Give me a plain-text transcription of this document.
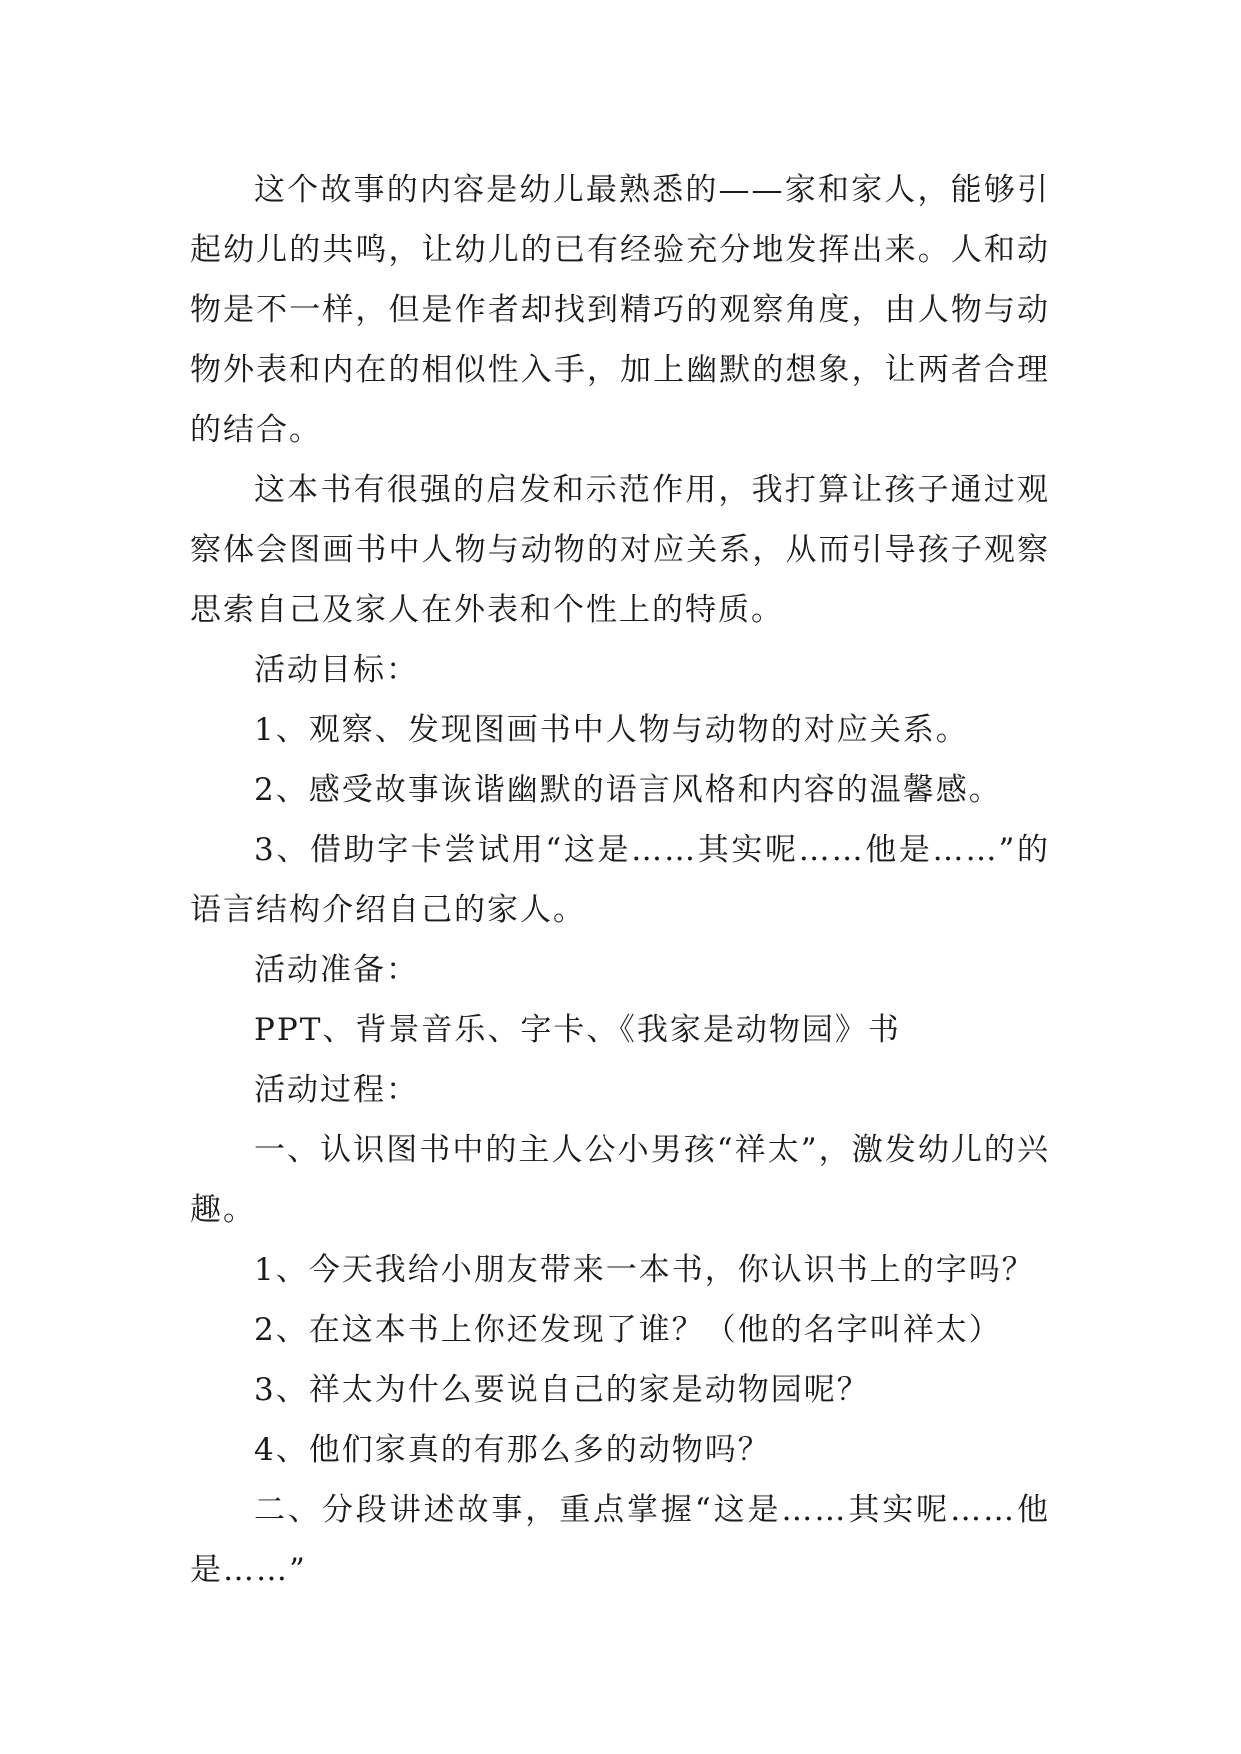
这个故事的内容是幼儿最熟悉的——家和家人，能够引起幼儿的共鸣，让幼儿的已有经验充分地发挥出来。人和动物是不一样，但是作者却找到精巧的观察角度，由人物与动物外表和内在的相似性入手，加上幽默的想象，让两者合理的结合。

这本书有很强的启发和示范作用，我打算让孩子通过观察体会图画书中人物与动物的对应关系，从而引导孩子观察思索自己及家人在外表和个性上的特质。

活动目标：

1、观察、发现图画书中人物与动物的对应关系。

2、感受故事诙谐幽默的语言风格和内容的温馨感。

3、借助字卡尝试用“这是……其实呢……他是……”的语言结构介绍自己的家人。

活动准备：

PPT、背景音乐、字卡、《我家是动物园》书

活动过程：

一、认识图书中的主人公小男孩“祥太”，激发幼儿的兴趣。

1、今天我给小朋友带来一本书，你认识书上的字吗？

2、在这本书上你还发现了谁？（他的名字叫祥太）

3、祥太为什么要说自己的家是动物园呢？

4、他们家真的有那么多的动物吗？

二、分段讲述故事，重点掌握“这是……其实呢……他是……”
